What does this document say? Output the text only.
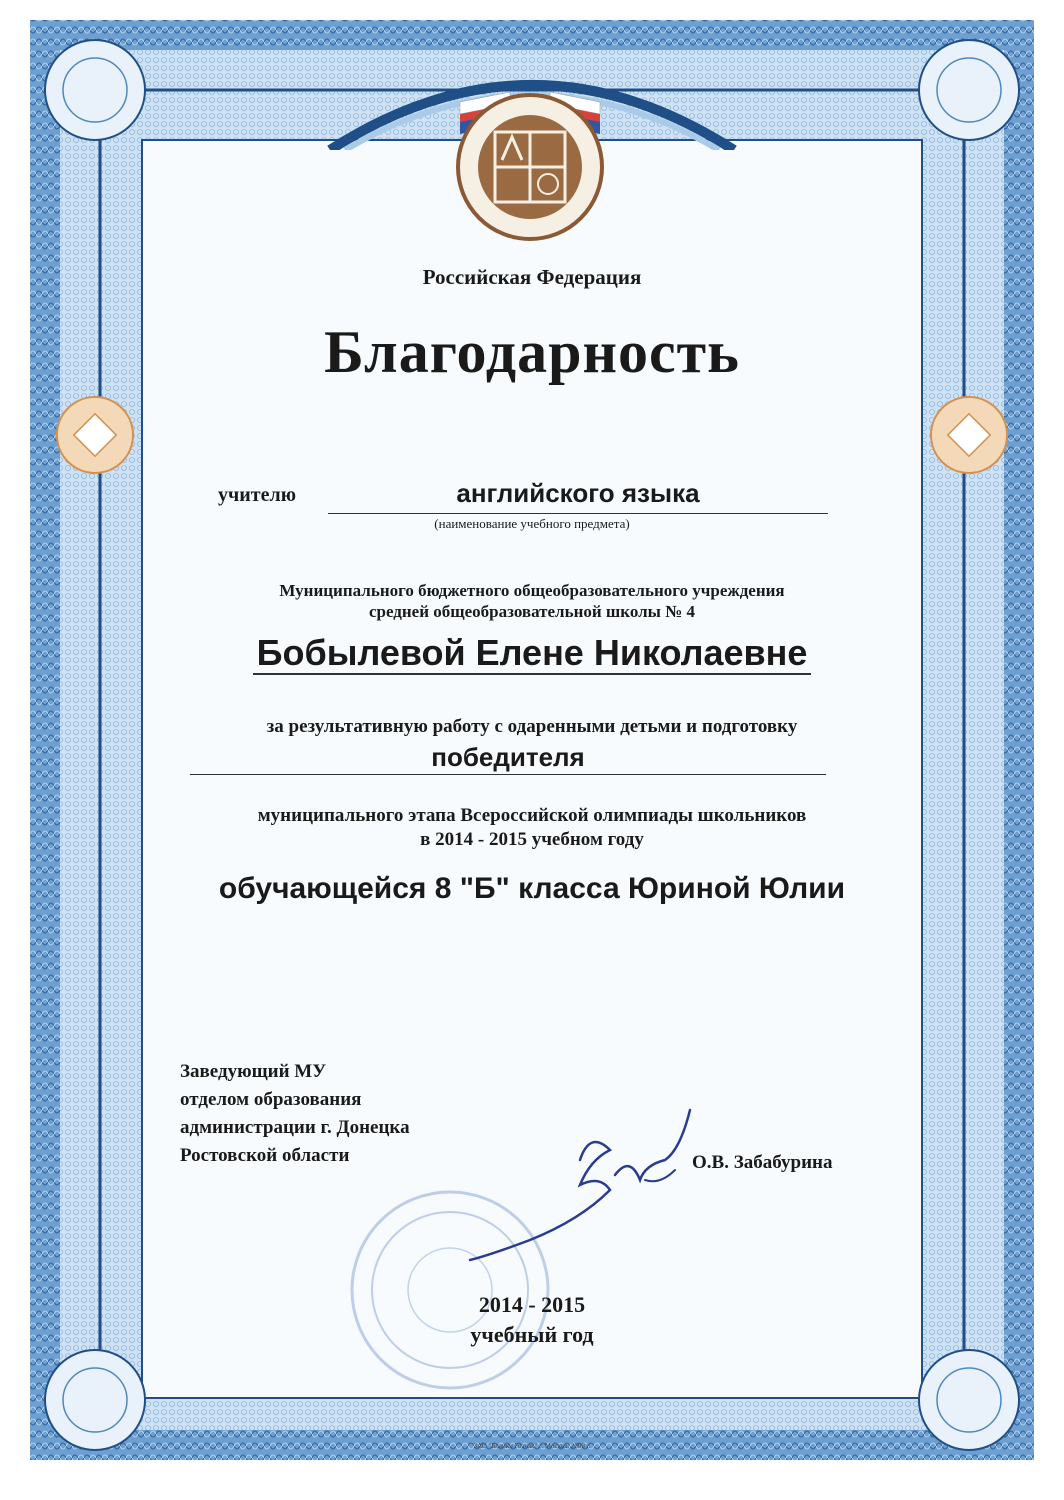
Российская Федерация
Благодарность
учителю	английского языка
(наименование учебного предмета)
Муниципального бюджетного общеобразовательного учреждения
средней общеобразовательной школы № 4
Бобылевой Елене Николаевне
за результативную работу с одаренными детьми и подготовку
победителя
муниципального этапа Всероссийской олимпиады школьников
в 2014 - 2015 учебном году
обучающейся 8 "Б" класса Юриной Юлии
Заведующий МУ
отделом образования
администрации г. Донецка
Ростовской области	О.В. Забабурина
2014 - 2015
учебный год
ЗАО "Бланки Гознак" г. Москва, 2008 г.
